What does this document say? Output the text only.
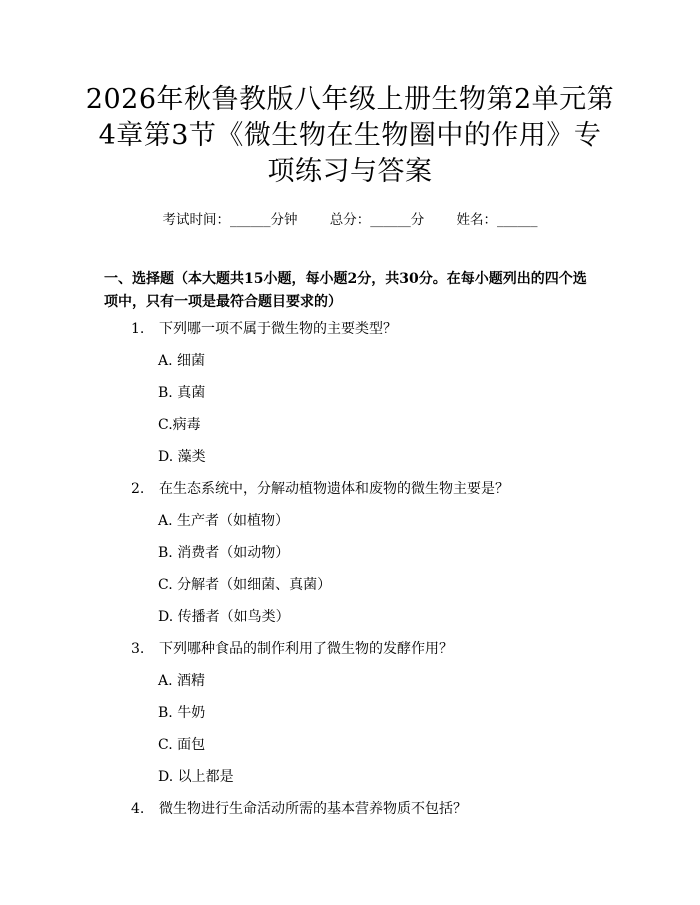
2026年秋鲁教版八年级上册生物第2单元第
4章第3节《微生物在生物圈中的作用》专
项练习与答案
考试时间：______分钟 总分：______分 姓名：______
一、选择题（本大题共15小题，每小题2分，共30分。在每小题列出的四个选
项中，只有一项是最符合题目要求的）
1. 下列哪一项不属于微生物的主要类型？
A. 细菌
B. 真菌
C.病毒
D. 藻类
2. 在生态系统中，分解动植物遗体和废物的微生物主要是？
A. 生产者（如植物）
B. 消费者（如动物）
C. 分解者（如细菌、真菌）
D. 传播者（如鸟类）
3. 下列哪种食品的制作利用了微生物的发酵作用？
A. 酒精
B. 牛奶
C. 面包
D. 以上都是
4. 微生物进行生命活动所需的基本营养物质不包括？
